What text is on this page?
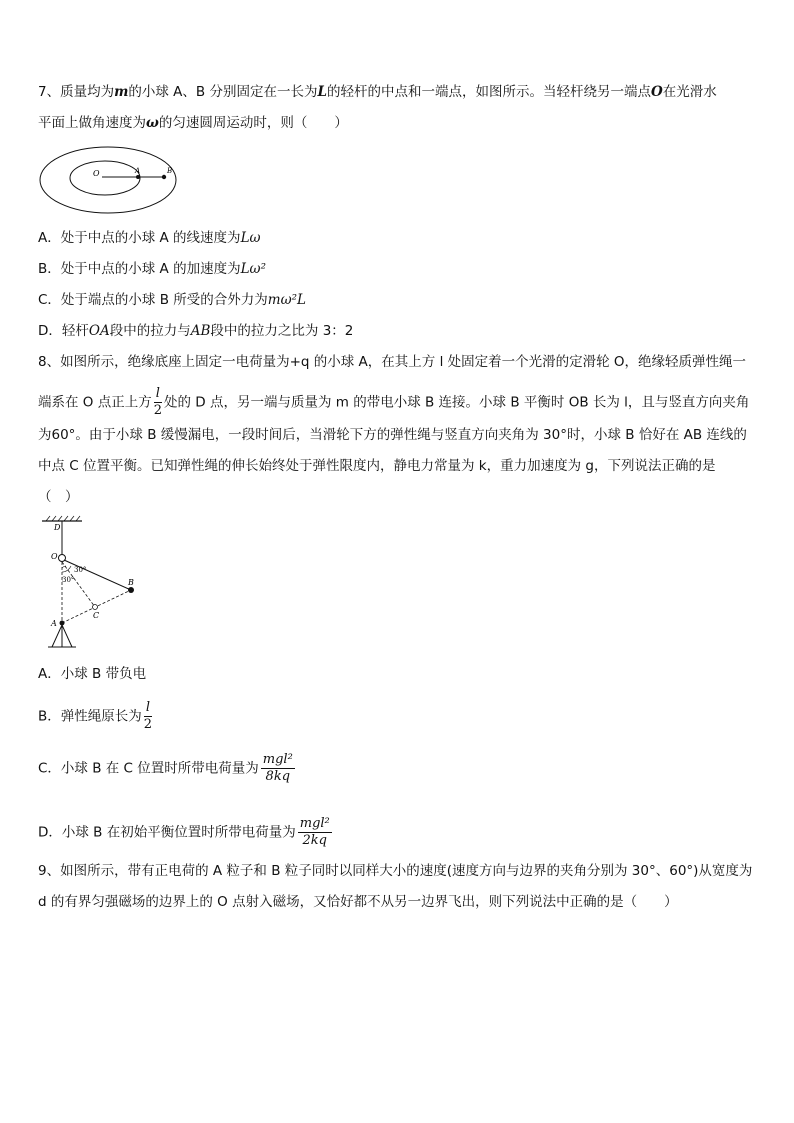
7、质量均为m的小球 A、B 分别固定在一长为L的轻杆的中点和一端点，如图所示。当轻杆绕另一端点O在光滑水
平面上做角速度为ω的匀速圆周运动时，则（　　）
O	A	B
A．处于中点的小球 A 的线速度为Lω
B．处于中点的小球 A 的加速度为Lω²
C．处于端点的小球 B 所受的合外力为mω²L
D．轻杆OA段中的拉力与AB段中的拉力之比为 3：2
8、如图所示，绝缘底座上固定一电荷量为+q 的小球 A，在其上方 l 处固定着一个光滑的定滑轮 O，绝缘轻质弹性绳一
端系在 O 点正上方 $\frac{l}{2}$ 处的 D 点，另一端与质量为 m 的带电小球 B 连接。小球 B 平衡时 OB 长为 l，且与竖直方向夹角
为60°。由于小球 B 缓慢漏电，一段时间后，当滑轮下方的弹性绳与竖直方向夹角为 30°时，小球 B 恰好在 AB 连线的
中点 C 位置平衡。已知弹性绳的伸长始终处于弹性限度内，静电力常量为 k，重力加速度为 g，下列说法正确的是
（　）
D
O
B
C
A
30°
30°
A．小球 B 带负电
B．弹性绳原长为 $\frac{l}{2}$
C．小球 B 在 C 位置时所带电荷量为 $\frac{\text{mgl²}}{8kq}$
D．小球 B 在初始平衡位置时所带电荷量为 $\frac{\text{mgl²}}{2kq}$
9、如图所示，带有正电荷的 A 粒子和 B 粒子同时以同样大小的速度(速度方向与边界的夹角分别为 30°、60°)从宽度为
d 的有界匀强磁场的边界上的 O 点射入磁场，又恰好都不从另一边界飞出，则下列说法中正确的是（　　）
